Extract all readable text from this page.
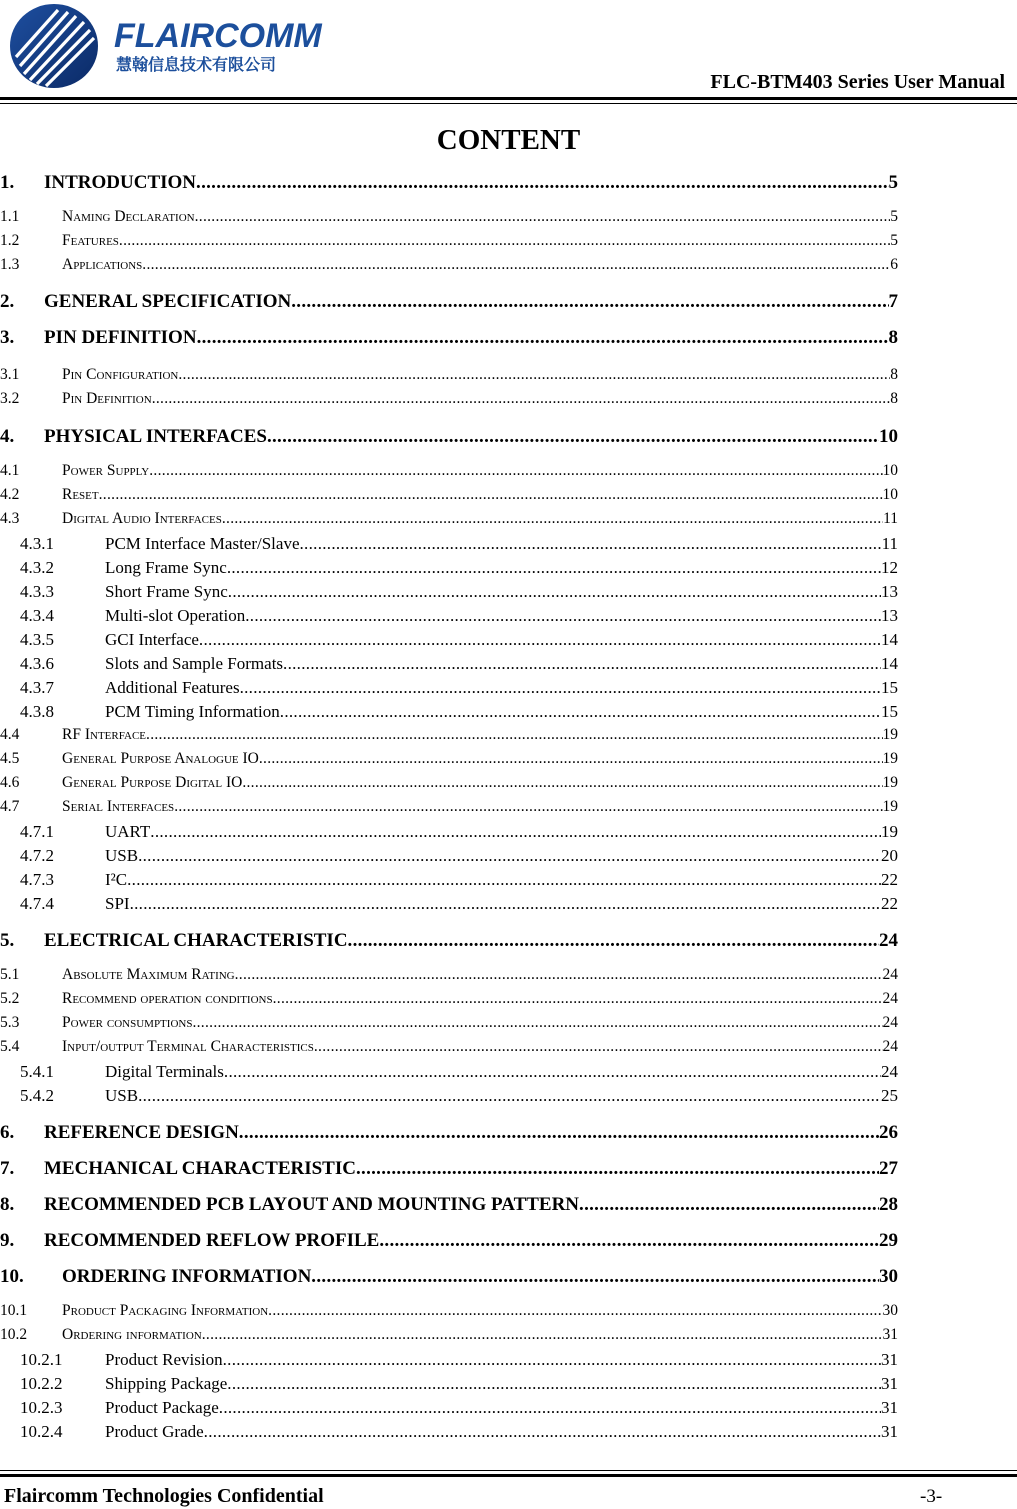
FLAIRCOMM
慧翰信息技术有限公司
FLC-BTM403 Series User Manual
CONTENT
1.	INTRODUCTION .....	5
1.1	Naming Declaration .....	5
1.2	Features .....	5
1.3	Applications .....	6
2.	GENERAL SPECIFICATION .....	7
3.	PIN DEFINITION .....	8
3.1	Pin Configuration .....	8
3.2	Pin Definition .....	8
4.	PHYSICAL INTERFACES .....	10
4.1	Power Supply .....	10
4.2	Reset .....	10
4.3	Digital Audio Interfaces .....	11
4.3.1	PCM Interface Master/Slave .....	11
4.3.2	Long Frame Sync .....	12
4.3.3	Short Frame Sync .....	13
4.3.4	Multi-slot Operation .....	13
4.3.5	GCI Interface .....	14
4.3.6	Slots and Sample Formats .....	14
4.3.7	Additional Features .....	15
4.3.8	PCM Timing Information .....	15
4.4	RF Interface .....	19
4.5	General Purpose Analogue IO .....	19
4.6	General Purpose Digital IO .....	19
4.7	Serial Interfaces .....	19
4.7.1	UART .....	19
4.7.2	USB .....	20
4.7.3	I²C .....	22
4.7.4	SPI .....	22
5.	ELECTRICAL CHARACTERISTIC .....	24
5.1	Absolute Maximum Rating .....	24
5.2	Recommend operation conditions .....	24
5.3	Power consumptions .....	24
5.4	Input/output Terminal Characteristics .....	24
5.4.1	Digital Terminals .....	24
5.4.2	USB .....	25
6.	REFERENCE DESIGN .....	26
7.	MECHANICAL CHARACTERISTIC .....	27
8.	RECOMMENDED PCB LAYOUT AND MOUNTING PATTERN .....	28
9.	RECOMMENDED REFLOW PROFILE .....	29
10.	ORDERING INFORMATION .....	30
10.1	Product Packaging Information .....	30
10.2	Ordering information .....	31
10.2.1	Product Revision .....	31
10.2.2	Shipping Package .....	31
10.2.3	Product Package .....	31
10.2.4	Product Grade .....	31
Flaircomm Technologies Confidential	-3-
